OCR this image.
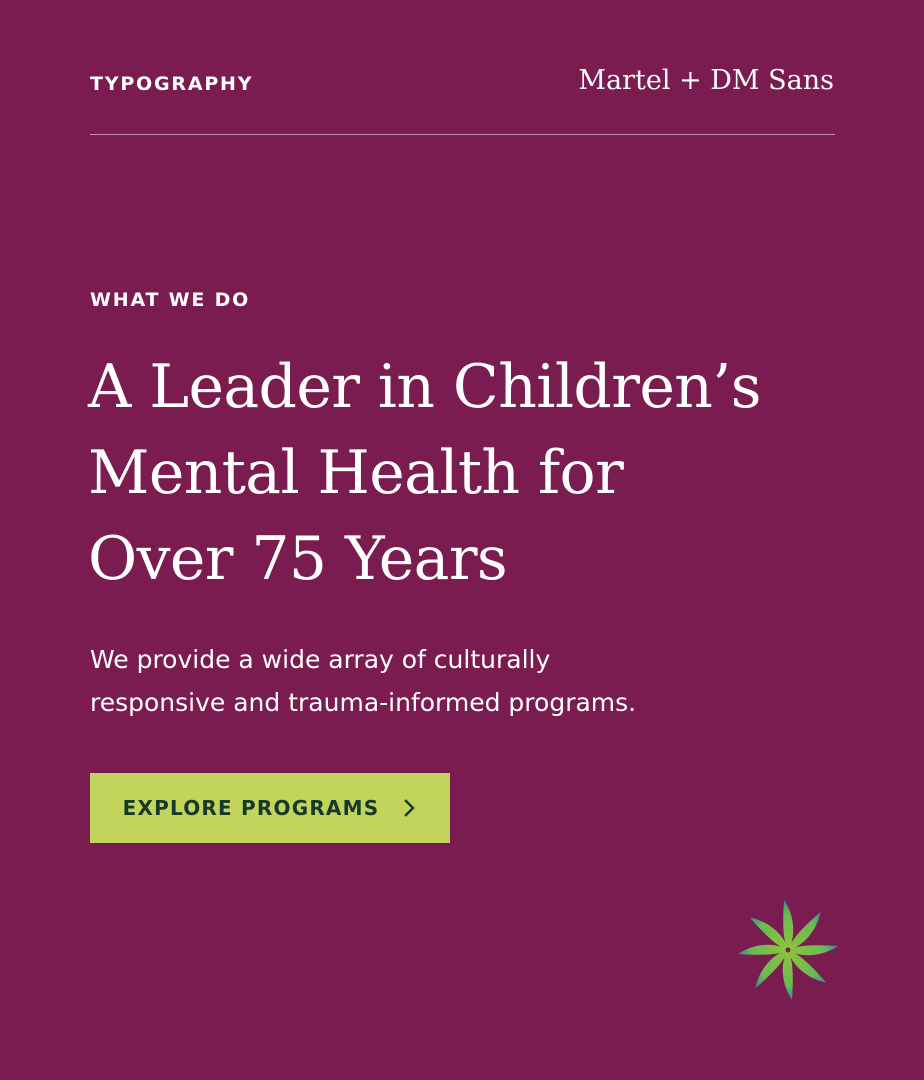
TYPOGRAPHY	Martel + DM Sans
WHAT WE DO
A Leader in Children’s
Mental Health for
Over 75 Years

We provide a wide array of culturally
responsive and trauma-informed programs.

EXPLORE PROGRAMS
